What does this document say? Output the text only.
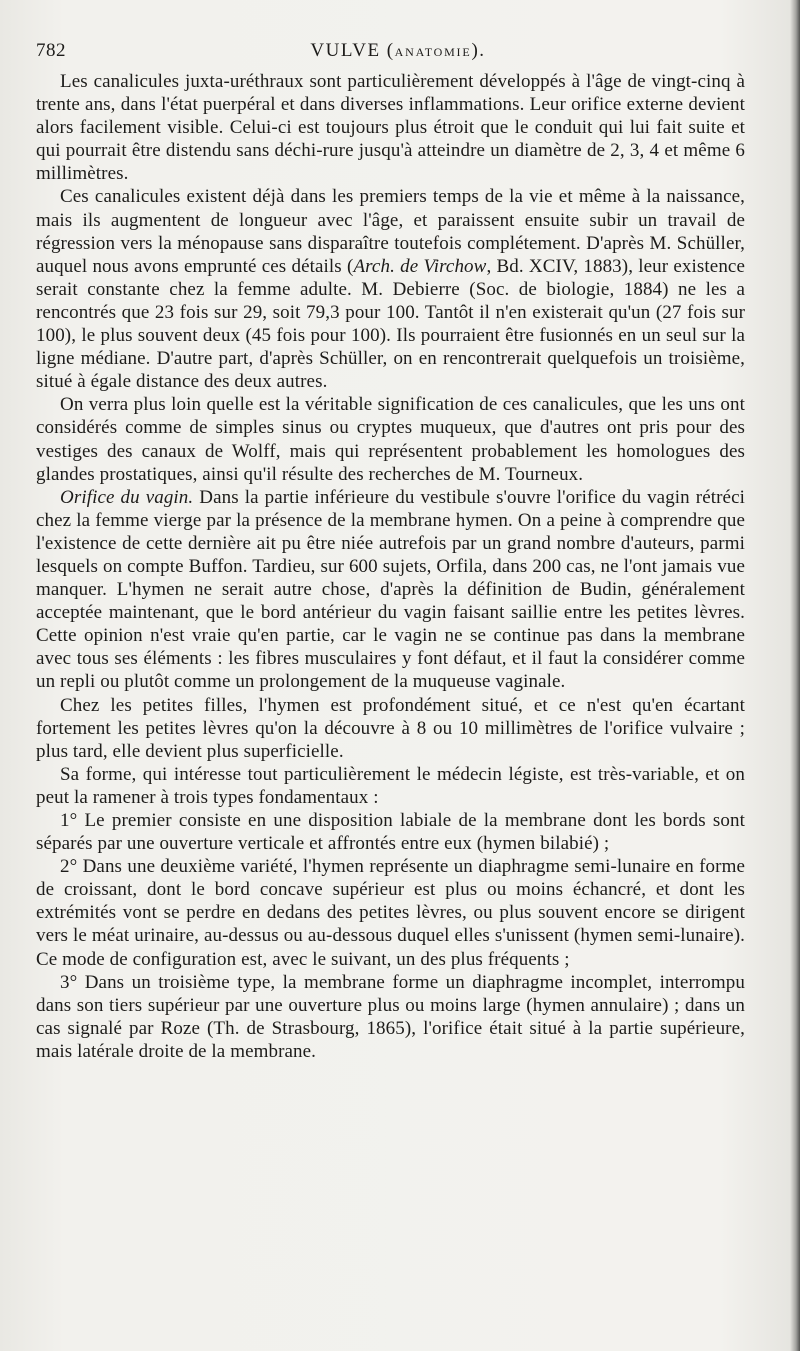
782	VULVE (ANATOMIE).

Les canalicules juxta-uréthraux sont particulièrement développés à l'âge de vingt-cinq à trente ans, dans l'état puerpéral et dans diverses inflammations. Leur orifice externe devient alors facilement visible. Celui-ci est toujours plus étroit que le conduit qui lui fait suite et qui pourrait être distendu sans déchi-rure jusqu'à atteindre un diamètre de 2, 3, 4 et même 6 millimètres.

Ces canalicules existent déjà dans les premiers temps de la vie et même à la naissance, mais ils augmentent de longueur avec l'âge, et paraissent ensuite subir un travail de régression vers la ménopause sans disparaître toutefois complétement. D'après M. Schüller, auquel nous avons emprunté ces détails (Arch. de Virchow, Bd. XCIV, 1883), leur existence serait constante chez la femme adulte. M. Debierre (Soc. de biologie, 1884) ne les a rencontrés que 23 fois sur 29, soit 79,3 pour 100. Tantôt il n'en existerait qu'un (27 fois sur 100), le plus souvent deux (45 fois pour 100). Ils pourraient être fusionnés en un seul sur la ligne médiane. D'autre part, d'après Schüller, on en rencontrerait quelquefois un troisième, situé à égale distance des deux autres.

On verra plus loin quelle est la véritable signification de ces canalicules, que les uns ont considérés comme de simples sinus ou cryptes muqueux, que d'autres ont pris pour des vestiges des canaux de Wolff, mais qui représentent probablement les homologues des glandes prostatiques, ainsi qu'il résulte des recherches de M. Tourneux.

Orifice du vagin. Dans la partie inférieure du vestibule s'ouvre l'orifice du vagin rétréci chez la femme vierge par la présence de la membrane hymen. On a peine à comprendre que l'existence de cette dernière ait pu être niée autrefois par un grand nombre d'auteurs, parmi lesquels on compte Buffon. Tardieu, sur 600 sujets, Orfila, dans 200 cas, ne l'ont jamais vue manquer. L'hymen ne serait autre chose, d'après la définition de Budin, généralement acceptée maintenant, que le bord antérieur du vagin faisant saillie entre les petites lèvres. Cette opinion n'est vraie qu'en partie, car le vagin ne se continue pas dans la membrane avec tous ses éléments : les fibres musculaires y font défaut, et il faut la considérer comme un repli ou plutôt comme un prolongement de la muqueuse vaginale.

Chez les petites filles, l'hymen est profondément situé, et ce n'est qu'en écartant fortement les petites lèvres qu'on la découvre à 8 ou 10 millimètres de l'orifice vulvaire ; plus tard, elle devient plus superficielle.

Sa forme, qui intéresse tout particulièrement le médecin légiste, est très-variable, et on peut la ramener à trois types fondamentaux :

1° Le premier consiste en une disposition labiale de la membrane dont les bords sont séparés par une ouverture verticale et affrontés entre eux (hymen bilabié) ;

2° Dans une deuxième variété, l'hymen représente un diaphragme semi-lunaire en forme de croissant, dont le bord concave supérieur est plus ou moins échancré, et dont les extrémités vont se perdre en dedans des petites lèvres, ou plus souvent encore se dirigent vers le méat urinaire, au-dessus ou au-dessous duquel elles s'unissent (hymen semi-lunaire). Ce mode de configuration est, avec le suivant, un des plus fréquents ;

3° Dans un troisième type, la membrane forme un diaphragme incomplet, interrompu dans son tiers supérieur par une ouverture plus ou moins large (hymen annulaire) ; dans un cas signalé par Roze (Th. de Strasbourg, 1865), l'orifice était situé à la partie supérieure, mais latérale droite de la membrane.
